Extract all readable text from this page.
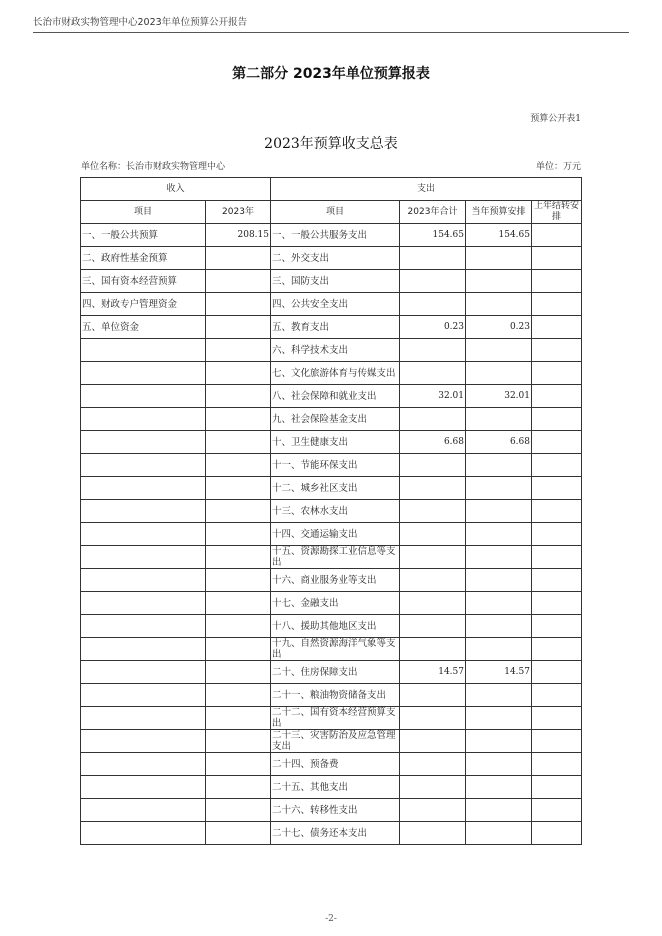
长治市财政实物管理中心2023年单位预算公开报告
第二部分 2023年单位预算报表
预算公开表1
2023年预算收支总表
单位名称：长治市财政实物管理中心	单位：万元
收入		支出			
项目	2023年	项目	2023年合计	当年预算安排	上年结转安排
一、一般公共预算	208.15	一、一般公共服务支出	154.65	154.65	
二、政府性基金预算		二、外交支出			
三、国有资本经营预算		三、国防支出			
四、财政专户管理资金		四、公共安全支出			
五、单位资金		五、教育支出	0.23	0.23	
		六、科学技术支出			
		七、文化旅游体育与传媒支出			
		八、社会保障和就业支出	32.01	32.01	
		九、社会保险基金支出			
		十、卫生健康支出	6.68	6.68	
		十一、节能环保支出			
		十二、城乡社区支出			
		十三、农林水支出			
		十四、交通运输支出			
		十五、资源勘探工业信息等支出			
		十六、商业服务业等支出			
		十七、金融支出			
		十八、援助其他地区支出			
		十九、自然资源海洋气象等支出			
		二十、住房保障支出	14.57	14.57	
		二十一、粮油物资储备支出			
		二十二、国有资本经营预算支出			
		二十三、灾害防治及应急管理支出			
		二十四、预备费			
		二十五、其他支出			
		二十六、转移性支出			
		二十七、债务还本支出			
-2-
